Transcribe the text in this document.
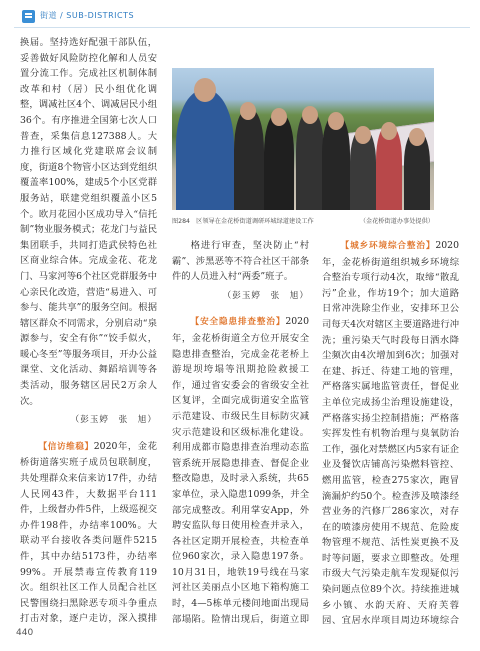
街道 / SUB-DISTRICTS

换届。坚持选好配强干部队伍，妥善做好风险防控化解和人员安置分流工作。完成社区机制体制改革和村（居）民小组优化调整，调减社区4个、调减居民小组36个。有序推进全国第七次人口普查，采集信息127388人。大力推行区域化党建联席会议制度，街道8个物管小区达到党组织覆盖率100%，建成5个小区党群服务站，联建党组织覆盖小区5个。欧月花园小区成功导入“信托制”物业服务模式；花龙门与益民集团联手，共同打造武侯特色社区商业综合体。完成金花、花龙门、马家河等6个社区党群服务中心亲民化改造，营造“易进入、可参与、能共享”的服务空间。根据辖区群众不同需求，分别启动“泉源参与，安全有你”“饺手似火，暖心冬至”等服务项目，开办公益课堂、文化活动、舞蹈培训等各类活动，服务辖区居民2万余人次。

（彭玉婷　张　旭）

【信访维稳】2020年，金花桥街道落实班子成员包联制度，共处理群众来信来访17件，办结人民网43件，大数据平台111件，上级督办件5件，上级巡视交办件198件，办结率100%。大联动平台接收各类问题件5215件，其中办结5173件，办结率99%。开展禁毒宣传教育119次。组织社区工作人员配合社区民警围绕扫黑除恶专项斗争重点打击对象，逐户走访，深入摸排

图284　区领导在金花桥街道调研环城绿道建设工作	（金花桥街道办事处提供）

格进行审查，坚决防止“村霸”、涉黑恶等不符合社区干部条件的人员进入村“两委”班子。

（彭玉婷　张　旭）

【安全隐患排查整治】2020年，金花桥街道全方位开展安全隐患排查整治，完成金花老桥上游堤坝垮塌等汛期抢险救援工作，通过省安委会的省级安全社区复评，全面完成街道安全监管示范建设、市级民生目标防灾减灾示范建设和区级标准化建设。利用成都市隐患排查治理动态监管系统开展隐患排查、督促企业整改隐患，及时录入系统，共65家单位，录入隐患1099条，并全部完成整改。利用掌安App，外聘安监队每日使用检查并录入，各社区定期开展检查，共检查单位960家次，录入隐患197条。10月31日，地铁19号线在马家河社区美丽点小区地下箱构施工时，4—5栋单元楼间地面出现局部塌陷。险情出现后，街道立即

【城乡环境综合整治】2020年，金花桥街道组织城乡环境综合整治专项行动4次，取缔“散乱污”企业，作坊19个；加大道路日常冲洗除尘作业，安排环卫公司每天4次对辖区主要道路进行冲洗；重污染天气时段每日洒水降尘频次由4次增加到6次；加强对在建、拆迁、待建工地的管理，严格落实属地监管责任，督促业主单位完成扬尘治理设施建设，严格落实扬尘控制措施；严格落实挥发性有机物治理与臭氧防治工作，强化对禁燃区内5家有证企业及餐饮店铺高污染燃料管控、燃用监管，检查275家次，跑冒滴漏炉约50个。检查涉及喷漆经营业务的汽修厂286家次，对存在的喷漆房使用不规范、危险废物管理不规范、活性炭更换不及时等问题，要求立即整改。处理市级大气污染走航车发现疑似污染问题点位89个次。持续推进城乡小镇、水韵天府、天府芙蓉园、宜居水岸项目周边环境综合

440
